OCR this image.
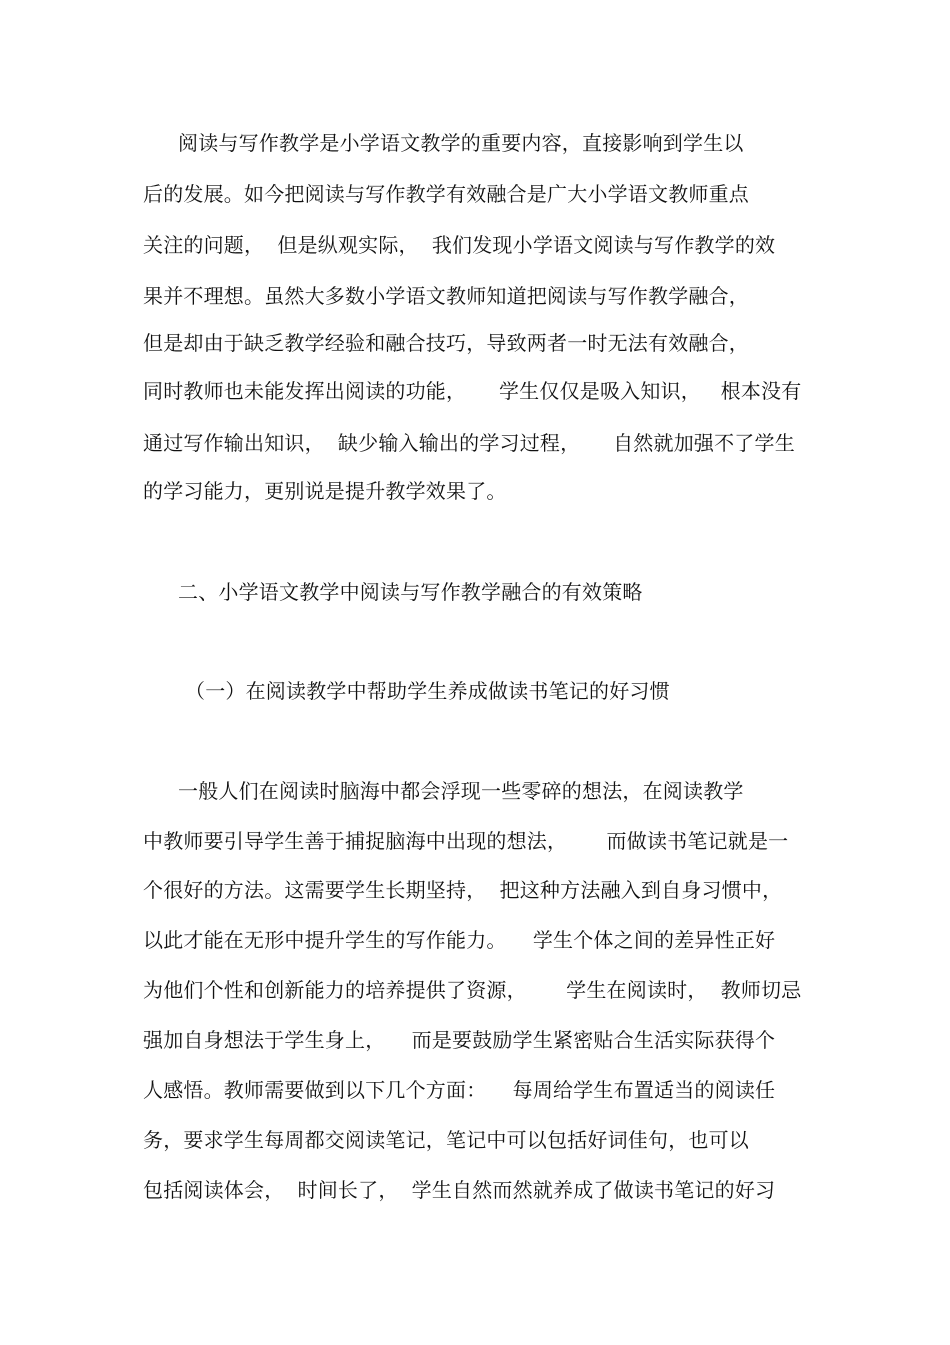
阅读与写作教学是小学语文教学的重要内容，直接影响到学生以
后的发展。如今把阅读与写作教学有效融合是广大小学语文教师重点
关注的问题，  但是纵观实际，  我们发现小学语文阅读与写作教学的效
果并不理想。虽然大多数小学语文教师知道把阅读与写作教学融合，
但是却由于缺乏教学经验和融合技巧，导致两者一时无法有效融合，
同时教师也未能发挥出阅读的功能，     学生仅仅是吸入知识，   根本没有
通过写作输出知识，  缺少输入输出的学习过程，     自然就加强不了学生
的学习能力，更别说是提升教学效果了。
二、小学语文教学中阅读与写作教学融合的有效策略
（一）在阅读教学中帮助学生养成做读书笔记的好习惯
一般人们在阅读时脑海中都会浮现一些零碎的想法，在阅读教学
中教师要引导学生善于捕捉脑海中出现的想法，      而做读书笔记就是一
个很好的方法。这需要学生长期坚持，  把这种方法融入到自身习惯中，
以此才能在无形中提升学生的写作能力。    学生个体之间的差异性正好
为他们个性和创新能力的培养提供了资源，      学生在阅读时，  教师切忌
强加自身想法于学生身上，    而是要鼓励学生紧密贴合生活实际获得个
人感悟。教师需要做到以下几个方面：    每周给学生布置适当的阅读任
务，要求学生每周都交阅读笔记，笔记中可以包括好词佳句，也可以
包括阅读体会，  时间长了，  学生自然而然就养成了做读书笔记的好习
